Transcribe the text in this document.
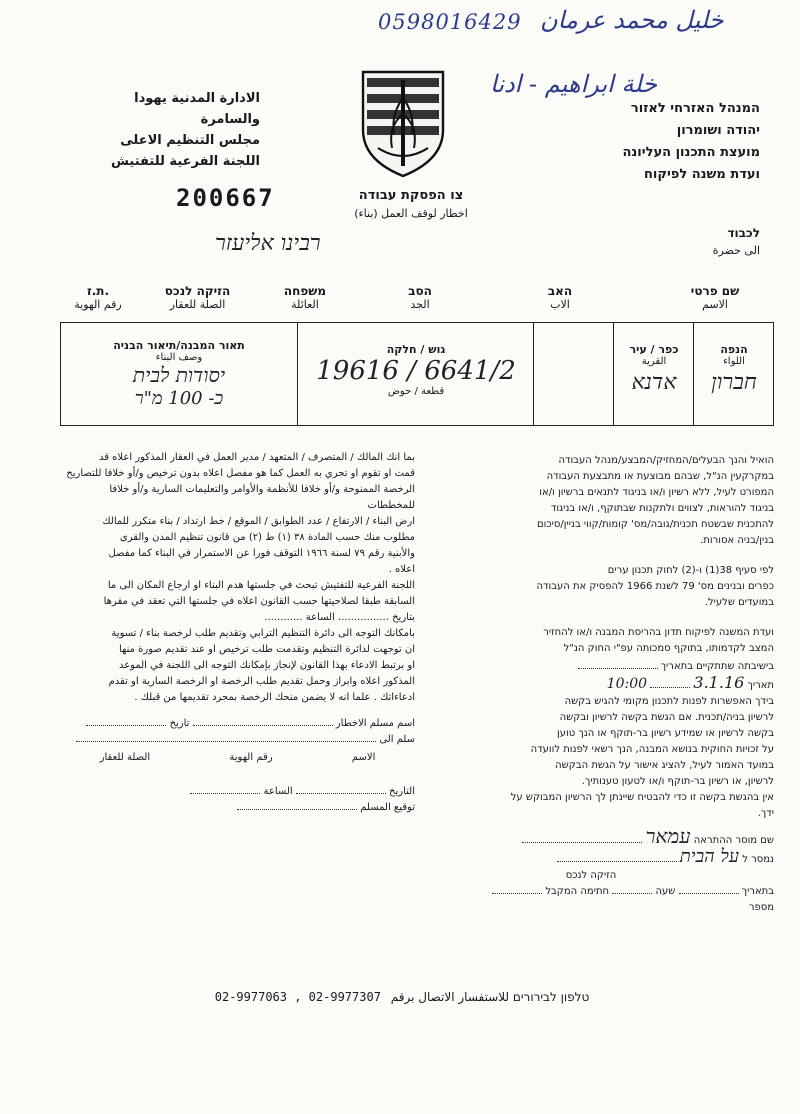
0598016429 خليل محمد عرمان
خلة ابراهيم - ادنا
الادارة المدنية يهودا
والسامرة
مجلس التنظيم الاعلى
اللجنة الفرعية للتفتيش
המנהל האזרחי לאזור
יהודה ושומרון
מועצת התכנון העליונה
ועדת משנה לפיקוח
200667	צו הפסקת עבודה
اخطار لوقف العمل (بناء)
לכבוד
الى حضرة
רבינו אליעזר
שם פרטי
الاسم
האב
الاب
הסב
الجد
משפחה
العائلة
הזיקה לנכס
الصلة للعقار
ת.ז.
رقم الهوية
הנפה
اللواء
חברון
כפר / עיר
القرية
אדנא
גוש / חלקה
19616 / 6641/2
قطعة / حوض
תאור המבנה/תיאור הבניה
وصف البناء
יסודות לבית
כ- 100 מ"ר
بما انك المالك / المتصرف / المتعهد / مدير العمل في العقار المذكور اعلاه قد
قمت او تقوم او تجري به العمل كما هو مفصل اعلاه بدون ترخيص و/أو خلافا للتصاريح
الرخصة الممنوحة و/أو خلافا للأنظمة والأوامر والتعليمات السارية و/أو خلافا للمخططات
ارض البناء / الارتفاع / عدد الطوابق / الموقع / خط ارتداد / بناء متكرر للمالك
مطلوب منك حسب المادة ٣٨ (١) ط (٢) من قانون تنظيم المدن والقرى
والأبنية رقم ٧٩ لسنة ١٩٦٦ التوقف فورا عن الاستمرار في البناء كما مفصل
اعلاه .
اللجنة الفرعية للتفتيش تبحث في جلستها هدم البناء او ارجاع المكان الى ما
السابقة طبقا لصلاحيتها حسب القانون اعلاه في جلستها التي تعقد في مقرها
بتاريخ ................ الساعة ............
بامكانك التوجه الى دائرة التنظيم الترابي وتقديم طلب لرخصة بناء / تسوية
ان توجهت لدائرة التنظيم وتقدمت طلب ترخيص او عند تقديم صورة منها
او برتبط الادعاء بهذا القانون لإنجاز بإمكانك التوجه الى اللجنة في الموعد
المذكور اعلاه وابراز وحمل تقديم طلب الرخصة او الرخصة السارية او تقدم
ادعاءاتك . علما انه لا يضمن منحك الرخصة بمجرد تقديمها من قبلك .
اسم مسلم الاخطار  تاريخ
سلم الى
الاسم
رقم الهوية
الصلة للعقار
التاريخ  الساعة
توقيع المسلم
הואיל והנך הבעלים/המחזיק/המבצע/מנהל העבודה
במקרקעין הנ"ל, שבהם מבוצעת או מתבצעת העבודה
המפורט לעיל, ללא רשיון ו/או בניגוד לתנאים ברשיון ו/או
בניגוד להוראות, לצווים ולתקנות שבתוקף, ו/או בניגוד
להתכנית שבשטח תכנית/גובה/מס' קומות/קווי בניין/סיכום
בנין/בניה אסורות.
לפי סעיף 38(1) ו-(2) לחוק תכנון ערים
כפרים ובנינים מס' 79 לשנת 1966 להפסיק את העבודה
במועדים שלעיל.
ועדת המשנה לפיקוח תדון בהריסת המבנה ו/או להחזיר
המצב לקדמותו, בתוקף סמכותה עפ"י החוק הנ"ל
בישיבתה שתתקיים בתאריך
תאריך 3.1.16  10:00
בידך האפשרות לפנות לתכנון מקומי להגיש בקשה
לרשיון בניה/תכנית. אם הגשת בקשה לרשיון ובקשה
בקשה לרשיון או שמידע רשיון בר-תוקף או הנך טוען
על זכויות החוקית בנושא המבנה, הנך רשאי לפנות לוועדה
במועד האמור לעיל, להציג אישור על הגשת הבקשה
לרשיון, או רשיון בר-תוקף ו/או לטעון טענותיך.
אין בהגשת בקשה זו כדי להבטיח שיינתן לך הרשיון המבוקש על
ידך.
שם מוסר ההתראה עמאר
נמסר ל על הבית
הזיקה לנכס
בתאריך  שעה  חתימה המקבל
מספר
02-9977063 , 02-9977307 טלפון לבירורים للاستفسار الاتصال برقم
